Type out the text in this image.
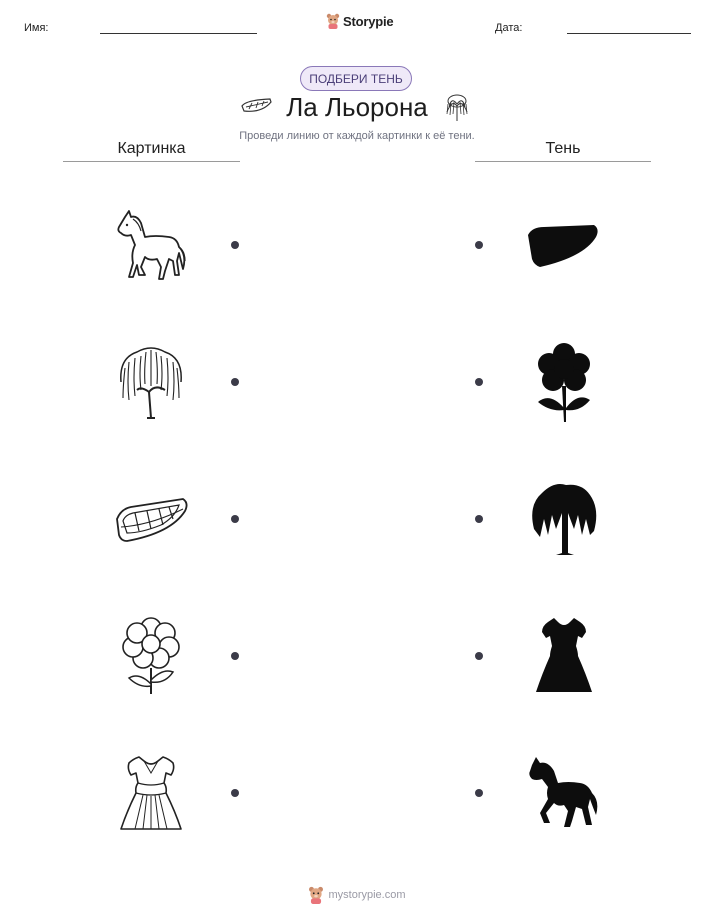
Имя:	Storypie	Дата:
ПОДБЕРИ ТЕНЬ
Ла Льорона
Проведи линию от каждой картинки к её тени.
Картинка	Тень
mystorypie.com
